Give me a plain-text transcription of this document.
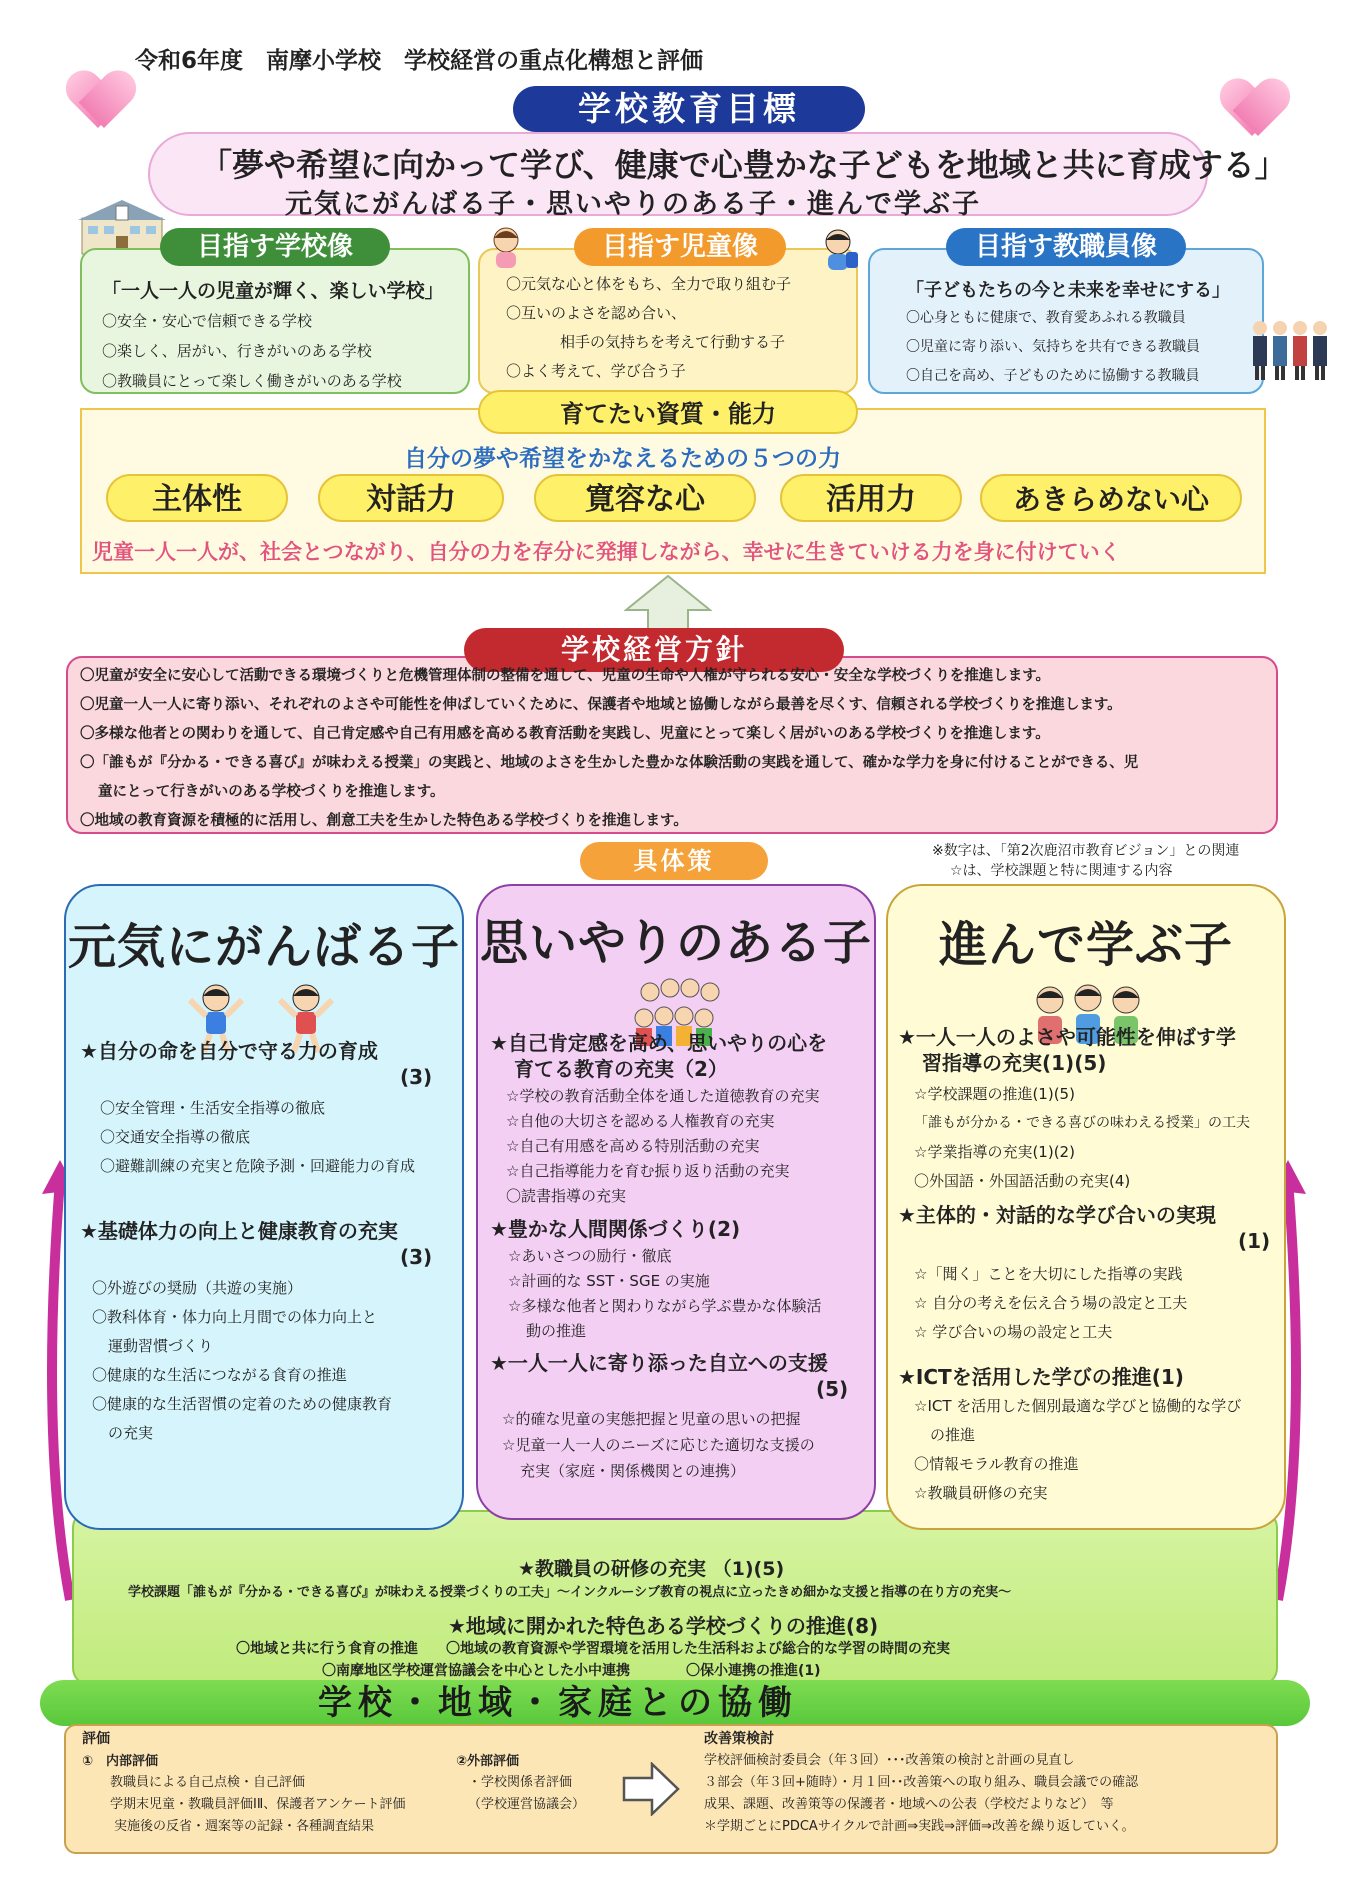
令和6年度　南摩小学校　学校経営の重点化構想と評価
学校教育目標
「夢や希望に向かって学び、健康で心豊かな子どもを地域と共に育成する」
元気にがんばる子・思いやりのある子・進んで学ぶ子
目指す学校像
「一人一人の児童が輝く、楽しい学校」
〇安全・安心で信頼できる学校
〇楽しく、居がい、行きがいのある学校
〇教職員にとって楽しく働きがいのある学校
目指す児童像
〇元気な心と体をもち、全力で取り組む子
〇互いのよさを認め合い、
相手の気持ちを考えて行動する子
〇よく考えて、学び合う子
目指す教職員像
「子どもたちの今と未来を幸せにする」
〇心身ともに健康で、教育愛あふれる教職員
〇児童に寄り添い、気持ちを共有できる教職員
〇自己を高め、子どものために協働する教職員
育てたい資質・能力
自分の夢や希望をかなえるための５つの力
主体性	対話力	寛容な心	活用力	あきらめない心
児童一人一人が、社会とつながり、自分の力を存分に発揮しながら、幸せに生きていける力を身に付けていく
学校経営方針
〇児童が安全に安心して活動できる環境づくりと危機管理体制の整備を通して、児童の生命や人権が守られる安心・安全な学校づくりを推進します。
〇児童一人一人に寄り添い、それぞれのよさや可能性を伸ばしていくために、保護者や地域と協働しながら最善を尽くす、信頼される学校づくりを推進します。
〇多様な他者との関わりを通して、自己肯定感や自己有用感を高める教育活動を実践し、児童にとって楽しく居がいのある学校づくりを推進します。
〇「誰もが『分かる・できる喜び』が味わえる授業」の実践と、地域のよさを生かした豊かな体験活動の実践を通して、確かな学力を身に付けることができる、児
童にとって行きがいのある学校づくりを推進します。
〇地域の教育資源を積極的に活用し、創意工夫を生かした特色ある学校づくりを推進します。
具体策	※数字は、「第2次鹿沼市教育ビジョン」との関連
☆は、学校課題と特に関連する内容
★教職員の研修の充実 （1)(5)
学校課題「誰もが『分かる・できる喜び』が味わえる授業づくりの工夫」～インクルーシブ教育の視点に立ったきめ細かな支援と指導の在り方の充実～
★地域に開かれた特色ある学校づくりの推進(8)
〇地域と共に行う食育の推進　　〇地域の教育資源や学習環境を活用した生活科および総合的な学習の時間の充実
〇南摩地区学校運営協議会を中心とした小中連携　　　　〇保小連携の推進(1)
学校・地域・家庭との協働
元気にがんばる子
★自分の命を自分で守る力の育成
(3)
〇安全管理・生活安全指導の徹底
〇交通安全指導の徹底
〇避難訓練の充実と危険予測・回避能力の育成
★基礎体力の向上と健康教育の充実
(3)
〇外遊びの奨励（共遊の実施）
〇教科体育・体力向上月間での体力向上と
運動習慣づくり
〇健康的な生活につながる食育の推進
〇健康的な生活習慣の定着のための健康教育
の充実
思いやりのある子
★自己肯定感を高め、思いやりの心を
育てる教育の充実（2）
☆学校の教育活動全体を通した道徳教育の充実
☆自他の大切さを認める人権教育の充実
☆自己有用感を高める特別活動の充実
☆自己指導能力を育む振り返り活動の充実
〇読書指導の充実
★豊かな人間関係づくり(2)
☆あいさつの励行・徹底
☆計画的な SST・SGE の実施
☆多様な他者と関わりながら学ぶ豊かな体験活
動の推進
★一人一人に寄り添った自立への支援
(5)
☆的確な児童の実態把握と児童の思いの把握
☆児童一人一人のニーズに応じた適切な支援の
充実（家庭・関係機関との連携）
進んで学ぶ子
★一人一人のよさや可能性を伸ばす学
習指導の充実(1)(5)
☆学校課題の推進(1)(5)
「誰もが分かる・できる喜びの味わえる授業」の工夫
☆学業指導の充実(1)(2)
〇外国語・外国語活動の充実(4)
★主体的・対話的な学び合いの実現
(1)
☆「聞く」ことを大切にした指導の実践
☆ 自分の考えを伝え合う場の設定と工夫
☆ 学び合いの場の設定と工夫
★ICTを活用した学びの推進(1)
☆ICT を活用した個別最適な学びと協働的な学び
の推進
〇情報モラル教育の推進
☆教職員研修の充実
評価
①　内部評価
教職員による自己点検・自己評価
学期末児童・教職員評価ⅠⅡ、保護者アンケート評価
実施後の反省・週案等の記録・各種調査結果
②外部評価
・学校関係者評価
（学校運営協議会）
改善策検討
学校評価検討委員会（年３回）･･･改善策の検討と計画の見直し
３部会（年３回+随時）・月１回･･改善策への取り組み、職員会議での確認
成果、課題、改善策等の保護者・地域への公表（学校だよりなど）　等
＊学期ごとにPDCAサイクルで計画⇒実践⇒評価⇒改善を繰り返していく。
